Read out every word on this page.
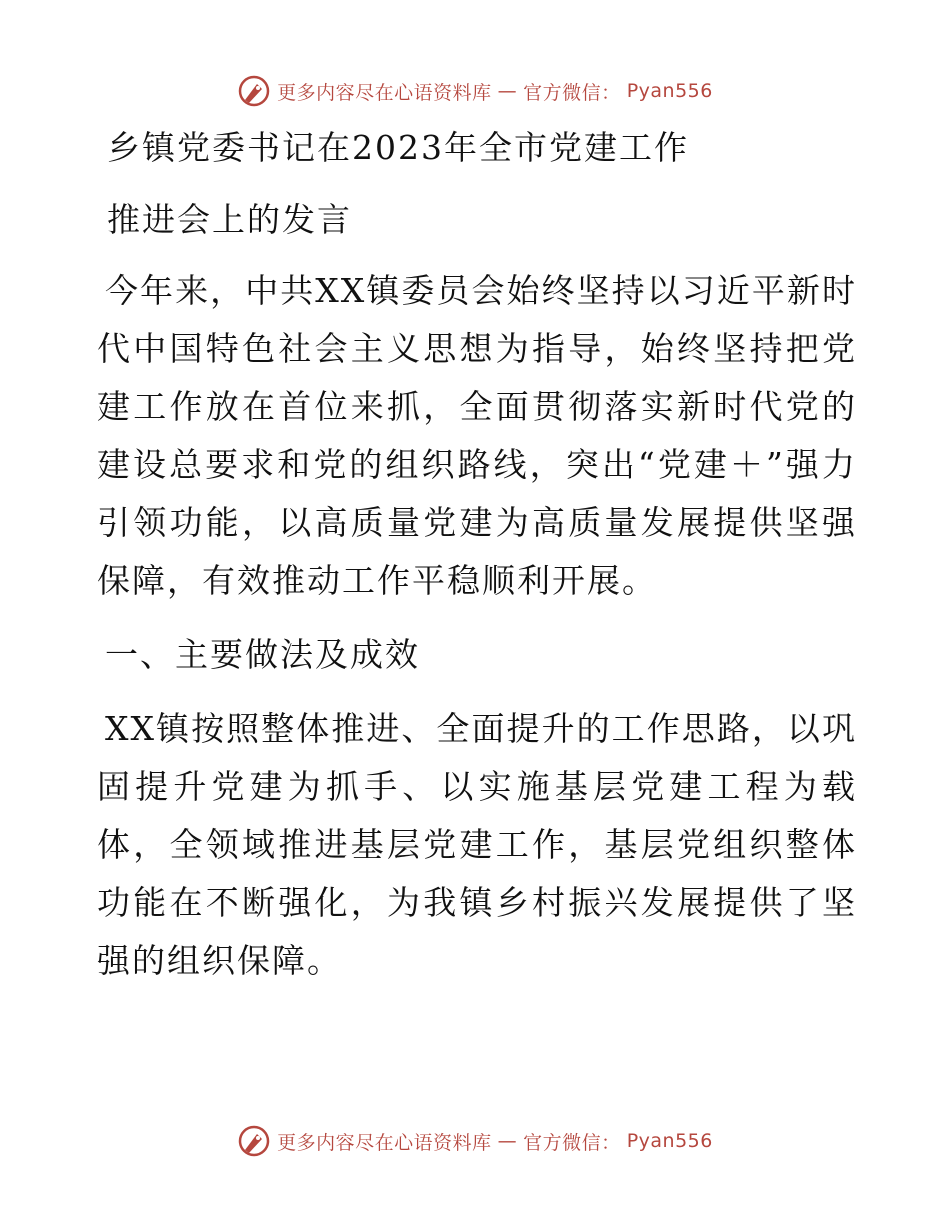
更多内容尽在心语资料库 — 官方微信： Pyan556
乡镇党委书记在2023年全市党建工作
推进会上的发言

今年来，中共XX镇委员会始终坚持以习近平新时代中国特色社会主义思想为指导，始终坚持把党建工作放在首位来抓，全面贯彻落实新时代党的建设总要求和党的组织路线，突出“党建＋”强力引领功能，以高质量党建为高质量发展提供坚强保障，有效推动工作平稳顺利开展。

一、主要做法及成效

XX镇按照整体推进、全面提升的工作思路，以巩固提升党建为抓手、以实施基层党建工程为载体，全领域推进基层党建工作，基层党组织整体功能在不断强化，为我镇乡村振兴发展提供了坚强的组织保障。

更多内容尽在心语资料库 — 官方微信： Pyan556
